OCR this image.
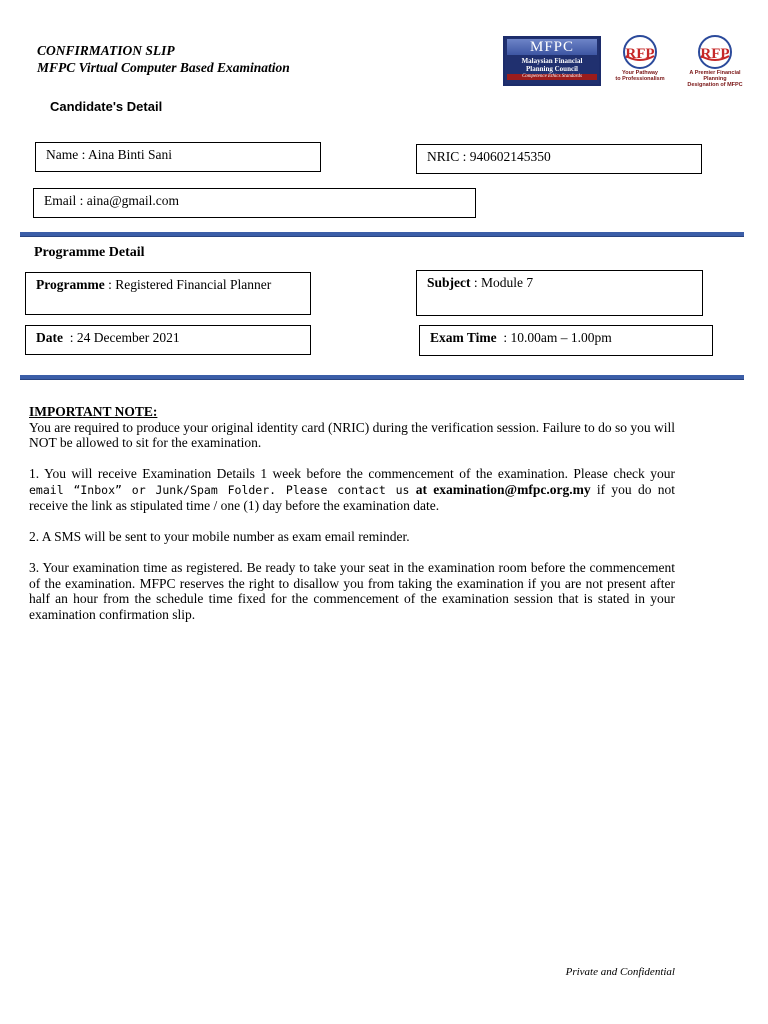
CONFIRMATION SLIP
MFPC Virtual Computer Based Examination
MFPC
Malaysian Financial
Planning Council
Competence Ethics Standards
RFP
Your Pathway
to Professionalism
RFP
A Premier Financial Planning
Designation of MFPC
Candidate's Detail
Name : Aina Binti Sani	NRIC : 940602145350
Email : aina@gmail.com
Programme Detail
Programme : Registered Financial Planner	Subject : Module 7
Date  : 24 December 2021	Exam Time  : 10.00am – 1.00pm
IMPORTANT NOTE:

You are required to produce your original identity card (NRIC) during the verification session. Failure to do so you will NOT be allowed to sit for the examination.

1. You will receive Examination Details 1 week before the commencement of the examination. Please check your email “Inbox” or Junk/Spam Folder. Please contact us at examination@mfpc.org.my if you do not receive the link as stipulated time / one (1) day before the examination date.

2. A SMS will be sent to your mobile number as exam email reminder.

3. Your examination time as registered. Be ready to take your seat in the examination room before the commencement of the examination. MFPC reserves the right to disallow you from taking the examination if you are not present after half an hour from the schedule time fixed for the commencement of the examination session that is stated in your examination confirmation slip.

Private and Confidential
